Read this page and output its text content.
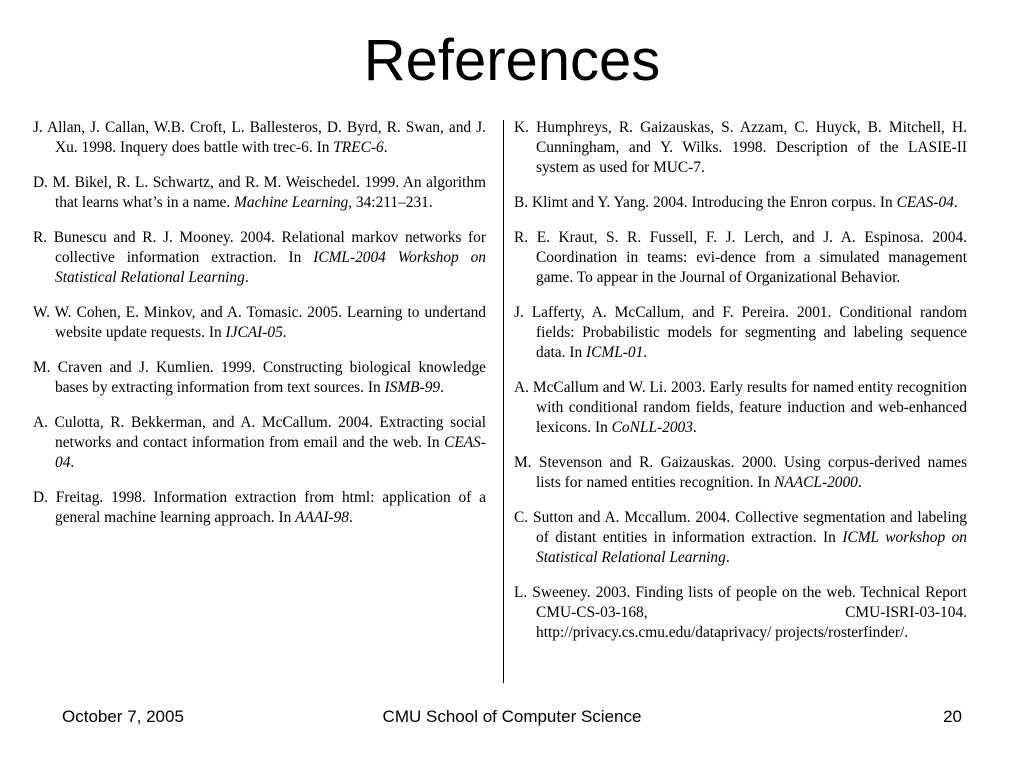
References

J. Allan, J. Callan, W.B. Croft, L. Ballesteros, D. Byrd, R. Swan, and J. Xu. 1998. Inquery does battle with trec-6. In TREC-6.

D. M. Bikel, R. L. Schwartz, and R. M. Weischedel. 1999. An algorithm that learns what’s in a name. Machine Learning, 34:211–231.

R. Bunescu and R. J. Mooney. 2004. Relational markov networks for collective information extraction. In ICML-2004 Workshop on Statistical Relational Learning.

W. W. Cohen, E. Minkov, and A. Tomasic. 2005. Learning to undertand website update requests. In IJCAI-05.

M. Craven and J. Kumlien. 1999. Constructing biological knowledge bases by extracting information from text sources. In ISMB-99.

A. Culotta, R. Bekkerman, and A. McCallum. 2004. Extracting social networks and contact information from email and the web. In CEAS-04.

D. Freitag. 1998. Information extraction from html: application of a general machine learning approach. In AAAI-98.

K. Humphreys, R. Gaizauskas, S. Azzam, C. Huyck, B. Mitchell, H. Cunningham, and Y. Wilks. 1998. Description of the LASIE-II system as used for MUC-7.

B. Klimt and Y. Yang. 2004. Introducing the Enron corpus. In CEAS-04.

R. E. Kraut, S. R. Fussell, F. J. Lerch, and J. A. Espinosa. 2004. Coordination in teams: evi-dence from a simulated management game. To appear in the Journal of Organizational Behavior.

J. Lafferty, A. McCallum, and F. Pereira. 2001. Conditional random fields: Probabilistic models for segmenting and labeling sequence data. In ICML-01.

A. McCallum and W. Li. 2003. Early results for named entity recognition with conditional random fields, feature induction and web-enhanced lexicons. In CoNLL-2003.

M. Stevenson and R. Gaizauskas. 2000. Using corpus-derived names lists for named entities recognition. In NAACL-2000.

C. Sutton and A. Mccallum. 2004. Collective segmentation and labeling of distant entities in information extraction. In ICML workshop on Statistical Relational Learning.

L. Sweeney. 2003. Finding lists of people on the web. Technical Report CMU-CS-03-168, CMU-ISRI-03-104. http://privacy.cs.cmu.edu/dataprivacy/ projects/rosterfinder/.

October 7, 2005	CMU School of Computer Science	20
